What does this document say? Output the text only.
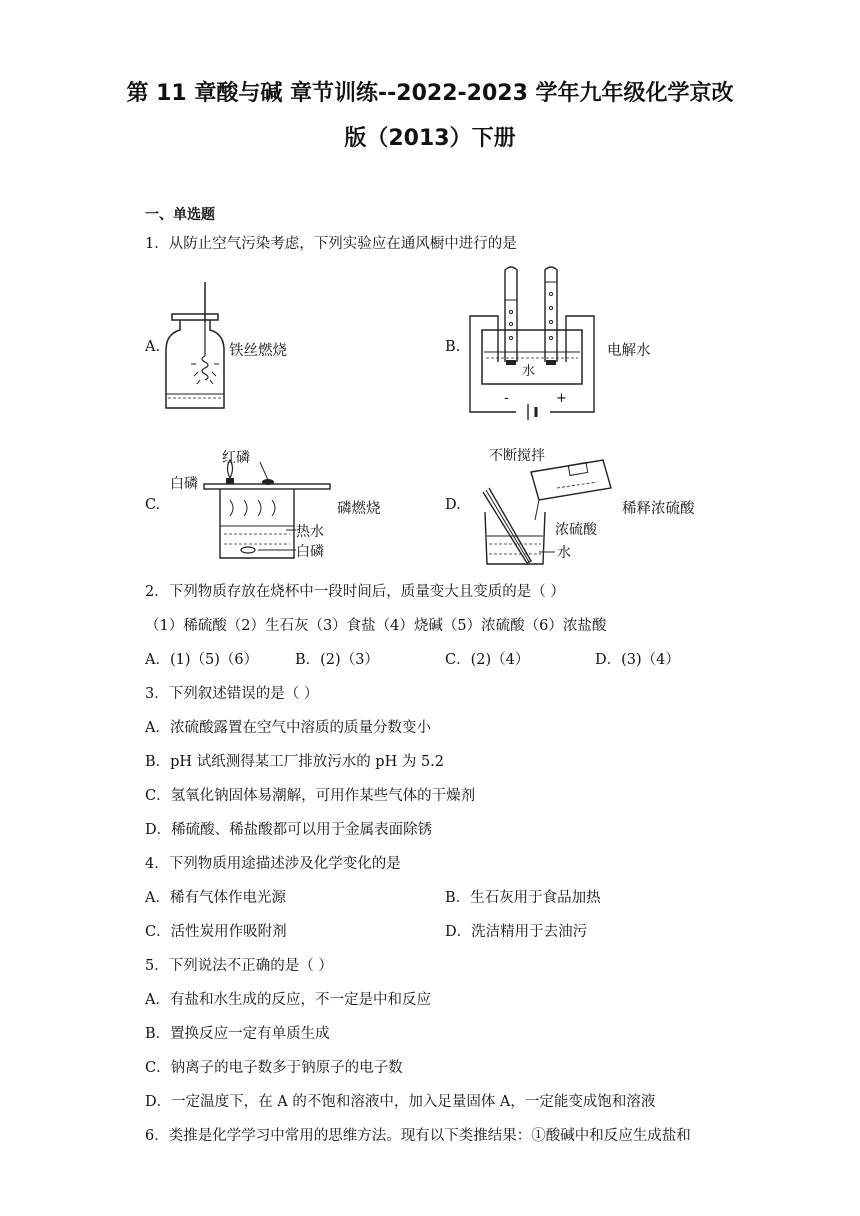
第 11 章酸与碱 章节训练--2022-2023 学年九年级化学京改
版（2013）下册
一、单选题
1．从防止空气污染考虑，下列实验应在通风橱中进行的是
A.	铁丝燃烧	B.	电解水
C.	磷燃烧	D.	稀释浓硫酸
水
-	+
红磷
白磷
热水
白磷
不断搅拌
浓硫酸
水
2．下列物质存放在烧杯中一段时间后，质量变大且变质的是（ ）
（1）稀硫酸（2）生石灰（3）食盐（4）烧碱（5）浓硫酸（6）浓盐酸
A．(1)（5)（6）	B．(2)（3）	C．(2)（4）	D．(3)（4）
3．下列叙述错误的是（ ）
A．浓硫酸露置在空气中溶质的质量分数变小
B．pH 试纸测得某工厂排放污水的 pH 为 5.2
C．氢氧化钠固体易潮解，可用作某些气体的干燥剂
D．稀硫酸、稀盐酸都可以用于金属表面除锈
4．下列物质用途描述涉及化学变化的是
A．稀有气体作电光源	B．生石灰用于食品加热
C．活性炭用作吸附剂	D．洗洁精用于去油污
5．下列说法不正确的是（ ）
A．有盐和水生成的反应，不一定是中和反应
B．置换反应一定有单质生成
C．钠离子的电子数多于钠原子的电子数
D．一定温度下，在 A 的不饱和溶液中，加入足量固体 A，一定能变成饱和溶液
6．类推是化学学习中常用的思维方法。现有以下类推结果：①酸碱中和反应生成盐和
